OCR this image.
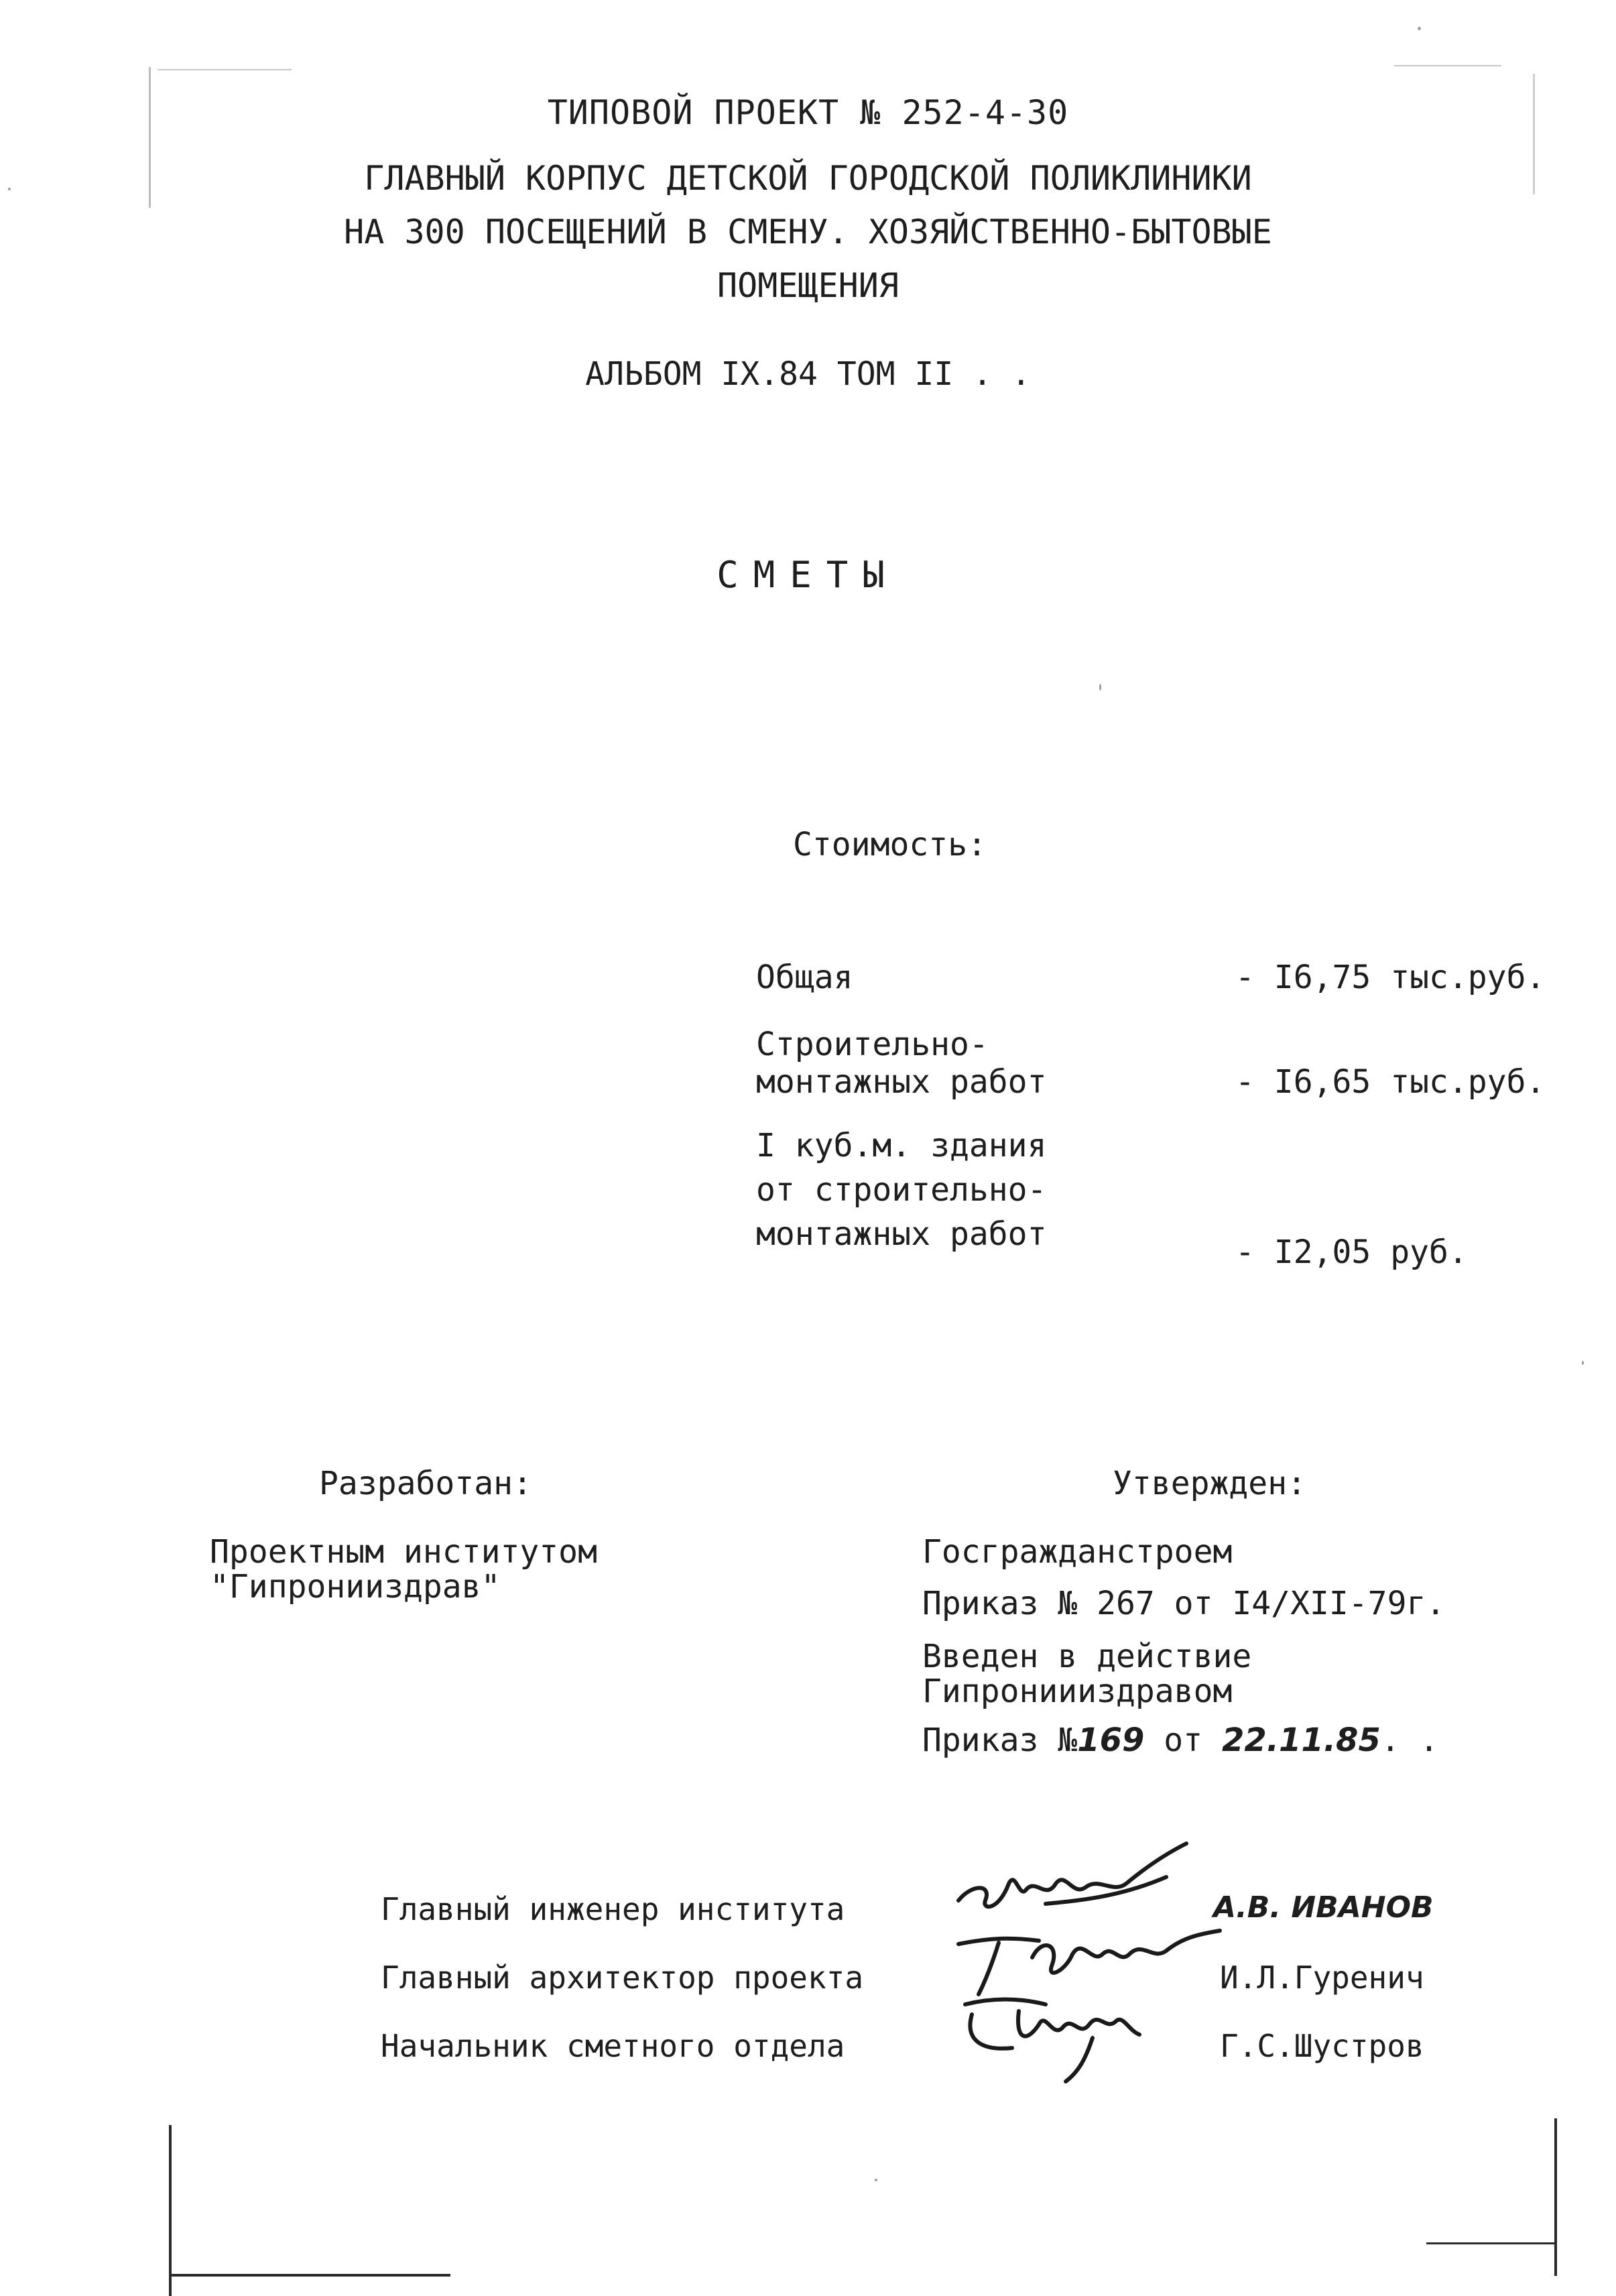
ТИПОВОЙ ПРОЕКТ № 252-4-30
ГЛАВНЫЙ КОРПУС ДЕТСКОЙ ГОРОДСКОЙ ПОЛИКЛИНИКИ
НА 300 ПОСЕЩЕНИЙ В СМЕНУ. ХОЗЯЙСТВЕННО-БЫТОВЫЕ
ПОМЕЩЕНИЯ
АЛЬБОМ IX.84 ТОМ II . .
СМЕТЫ
Стоимость:
Общая	- I6,75 тыс.руб.
Строительно-
монтажных работ	- I6,65 тыс.руб.
I куб.м. здания
от строительно-
монтажных работ	- I2,05 руб.
Разработан:
Проектным институтом
"Гипронииздрав"
Утвержден:
Госгражданстроем
Приказ № 267 от I4/XII-79г.
Введен в действие
Гипрониииздравом
Приказ №169 от 22.11.85. .
Главный инженер института	А.В. ИВАНОВ
Главный архитектор проекта	И.Л.Гуренич
Начальник сметного отдела	Г.С.Шустров
